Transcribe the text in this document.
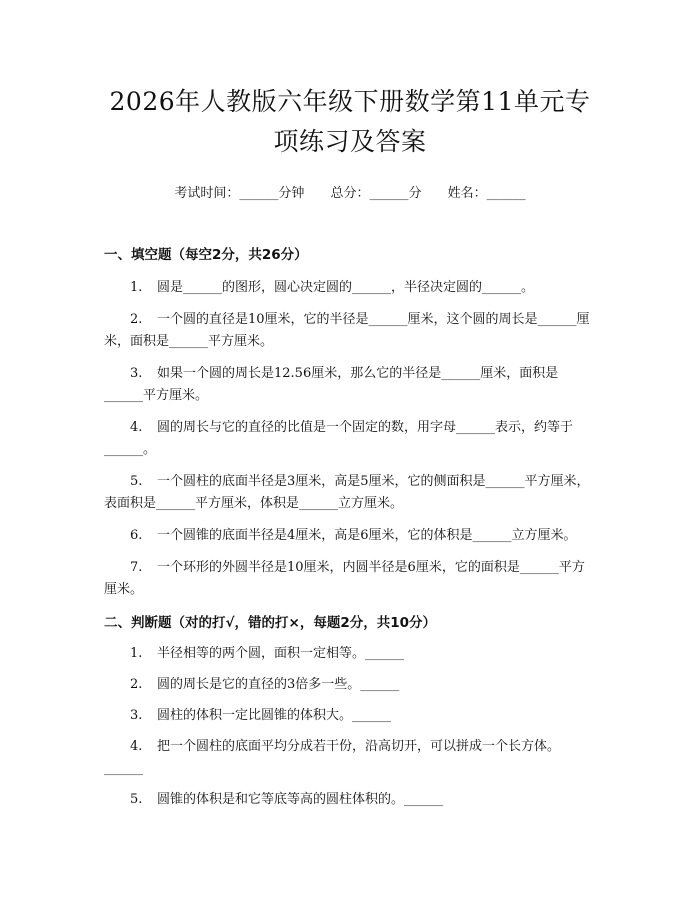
2026年人教版六年级下册数学第11单元专
项练习及答案
考试时间：______分钟 总分：______分 姓名：______
一、填空题（每空2分，共26分）

1. 圆是______的图形，圆心决定圆的______，半径决定圆的______。

2. 一个圆的直径是10厘米，它的半径是______厘米，这个圆的周长是______厘米，面积是______平方厘米。

3. 如果一个圆的周长是12.56厘米，那么它的半径是______厘米，面积是______平方厘米。

4. 圆的周长与它的直径的比值是一个固定的数，用字母______表示，约等于______。

5. 一个圆柱的底面半径是3厘米，高是5厘米，它的侧面积是______平方厘米，表面积是______平方厘米，体积是______立方厘米。

6. 一个圆锥的底面半径是4厘米，高是6厘米，它的体积是______立方厘米。

7. 一个环形的外圆半径是10厘米，内圆半径是6厘米，它的面积是______平方厘米。

二、判断题（对的打√，错的打×，每题2分，共10分）

1. 半径相等的两个圆，面积一定相等。______

2. 圆的周长是它的直径的3倍多一些。______

3. 圆柱的体积一定比圆锥的体积大。______

4. 把一个圆柱的底面平均分成若干份，沿高切开，可以拼成一个长方体。______

5. 圆锥的体积是和它等底等高的圆柱体积的。______
